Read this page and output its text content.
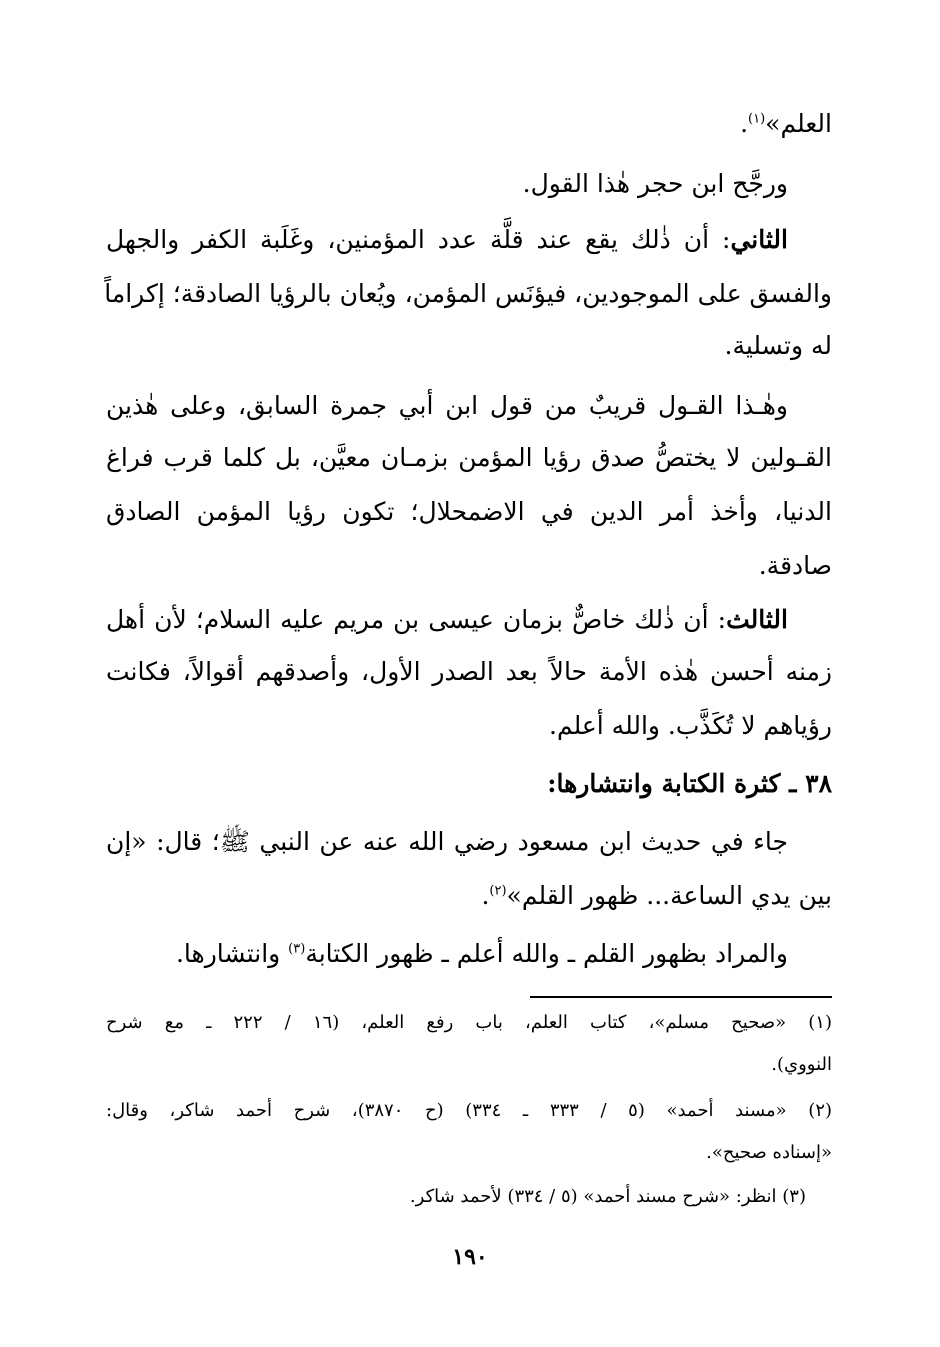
العلم»$^{(١)}$.
ورجَّح ابن حجر هٰذا القول.
الثاني: أن ذٰلك يقع عند قلَّة عدد المؤمنين، وغَلَبة الكفر والجهل
والفسق على الموجودين، فيؤنَس المؤمن، ويُعان بالرؤيا الصادقة؛ إكراماً
له وتسلية.
وهٰـذا القـول قريبٌ من قول ابن أبي جمرة السابق، وعلى هٰذين
القـولين لا يختصُّ صدق رؤيا المؤمن بزمـان معيَّن، بل كلما قرب فراغ
الدنيا، وأخذ أمر الدين في الاضمحلال؛ تكون رؤيا المؤمن الصادق
صادقة.
الثالث: أن ذٰلك خاصٌّ بزمان عيسى بن مريم عليه السلام؛ لأن أهل
زمنه أحسن هٰذه الأمة حالاً بعد الصدر الأول، وأصدقهم أقوالاً، فكانت
رؤياهم لا تُكَذَّب. والله أعلم.
٣٨ ـ كثرة الكتابة وانتشارها:
جاء في حديث ابن مسعود رضي الله عنه عن النبي ﷺ؛ قال: «إن
بين يدي الساعة... ظهور القلم»$^{(٢)}$.
والمراد بظهور القلم ـ والله أعلم ـ ظهور الكتابة$^{(٣)}$ وانتشارها.
(١) «صحيح مسلم»، كتاب العلم، باب رفع العلم، (١٦ / ٢٢٢ ـ مع شرح
النووي).
(٢) «مسند أحمد» (٥ / ٣٣٣ ـ ٣٣٤) (ح ٣٨٧٠)، شرح أحمد شاكر، وقال:
«إسناده صحيح».
(٣) انظر: «شرح مسند أحمد» (٥ / ٣٣٤) لأحمد شاكر.
١٩٠
